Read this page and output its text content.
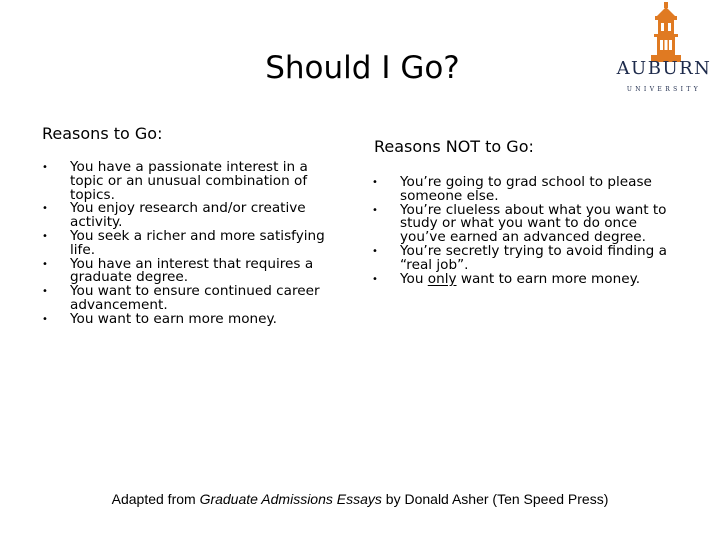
Should I Go?	AUBURN
UNIVERSITY
Reasons to Go:
• You have a passionate interest in a topic or an unusual combination of topics.
• You enjoy research and/or creative activity.
• You seek a richer and more satisfying life.
• You have an interest that requires a graduate degree.
• You want to ensure continued career advancement.
• You want to earn more money.
Reasons NOT to Go:
• You’re going to grad school to please someone else.
• You’re clueless about what you want to study or what you want to do once you’ve earned an advanced degree.
• You’re secretly trying to avoid finding a “real job”.
• You only want to earn more money.
Adapted from Graduate Admissions Essays by Donald Asher (Ten Speed Press)
